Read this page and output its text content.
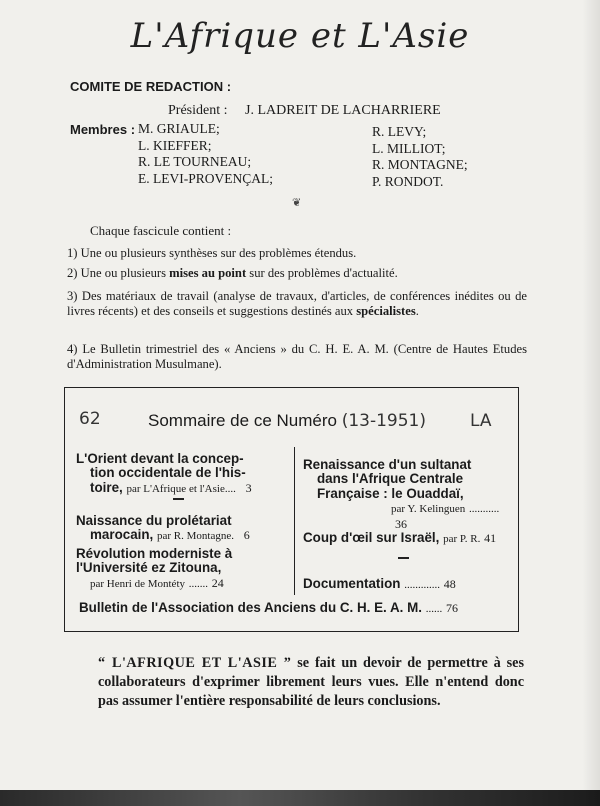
L'Afrique et L'Asie
COMITE DE REDACTION :
Président : J. LADREIT DE LACHARRIERE
Membres : M. GRIAULE;
L. KIEFFER;
R. LE TOURNEAU;
E. LEVI-PROVENÇAL;
R. LEVY;
L. MILLIOT;
R. MONTAGNE;
P. RONDOT.
❦
Chaque fascicule contient :
1) Une ou plusieurs synthèses sur des problèmes étendus.
2) Une ou plusieurs mises au point sur des problèmes d'actualité.
3) Des matériaux de travail (analyse de travaux, d'articles, de conférences inédites ou de livres récents) et des conseils et suggestions destinés aux spécialistes.
4) Le Bulletin trimestriel des « Anciens » du C. H. E. A. M. (Centre de Hautes Etudes d'Administration Musulmane).
62	Sommaire de ce Numéro (13-1951)	LA
L'Orient devant la concep-
tion occidentale de l'his-
toire, par L'Afrique et l'Asie.... 3
Naissance du prolétariat
marocain, par R. Montagne. 6
Révolution moderniste à
l'Université ez Zitouna,
par Henri de Montéty ....... 24
Renaissance d'un sultanat
dans l'Afrique Centrale
Française : le Ouaddaï,
par Y. Kelinguen ........... 36
Coup d'œil sur Israël, par P. R. 41
Documentation ............. 48
Bulletin de l'Association des Anciens du C. H. E. A. M. ...... 76
“ L'AFRIQUE ET L'ASIE ” se fait un devoir de permettre à ses collaborateurs d'exprimer librement leurs vues. Elle n'entend donc pas assumer l'entière responsabilité de leurs conclusions.
